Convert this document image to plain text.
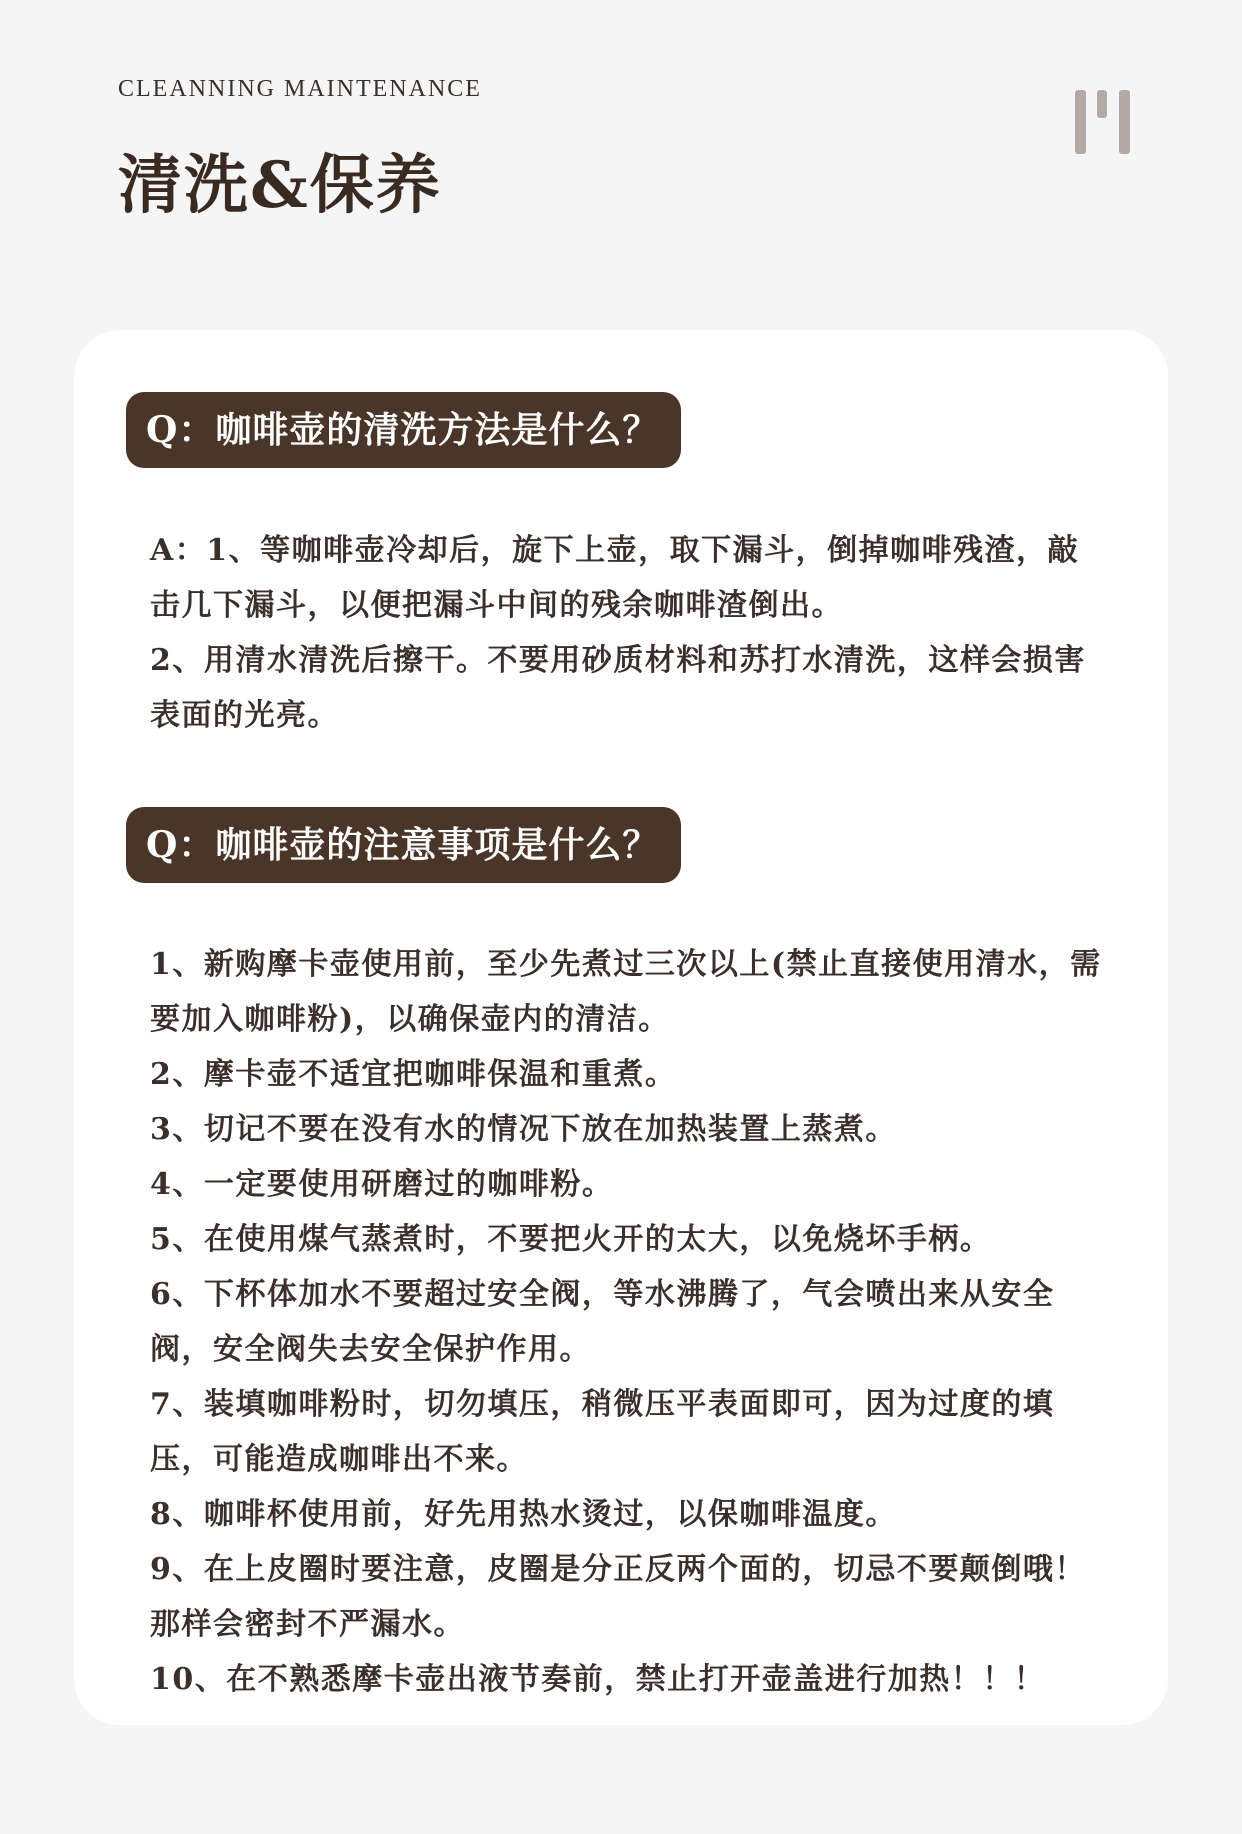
CLEANNING MAINTENANCE

清洗&保养
Q：咖啡壶的清洗方法是什么？

A：1、等咖啡壶冷却后，旋下上壶，取下漏斗，倒掉咖啡残渣，敲击几下漏斗，以便把漏斗中间的残余咖啡渣倒出。

2、用清水清洗后擦干。不要用砂质材料和苏打水清洗，这样会损害表面的光亮。

Q：咖啡壶的注意事项是什么？

1、新购摩卡壶使用前，至少先煮过三次以上(禁止直接使用清水，需要加入咖啡粉)，以确保壶内的清洁。

2、摩卡壶不适宜把咖啡保温和重煮。

3、切记不要在没有水的情况下放在加热装置上蒸煮。

4、一定要使用研磨过的咖啡粉。

5、在使用煤气蒸煮时，不要把火开的太大，以免烧坏手柄。

6、下杯体加水不要超过安全阀，等水沸腾了，气会喷出来从安全阀，安全阀失去安全保护作用。

7、装填咖啡粉时，切勿填压，稍微压平表面即可，因为过度的填压，可能造成咖啡出不来。

8、咖啡杯使用前，好先用热水烫过，以保咖啡温度。

9、在上皮圈时要注意，皮圈是分正反两个面的，切忌不要颠倒哦！那样会密封不严漏水。

10、在不熟悉摩卡壶出液节奏前，禁止打开壶盖进行加热！！！
